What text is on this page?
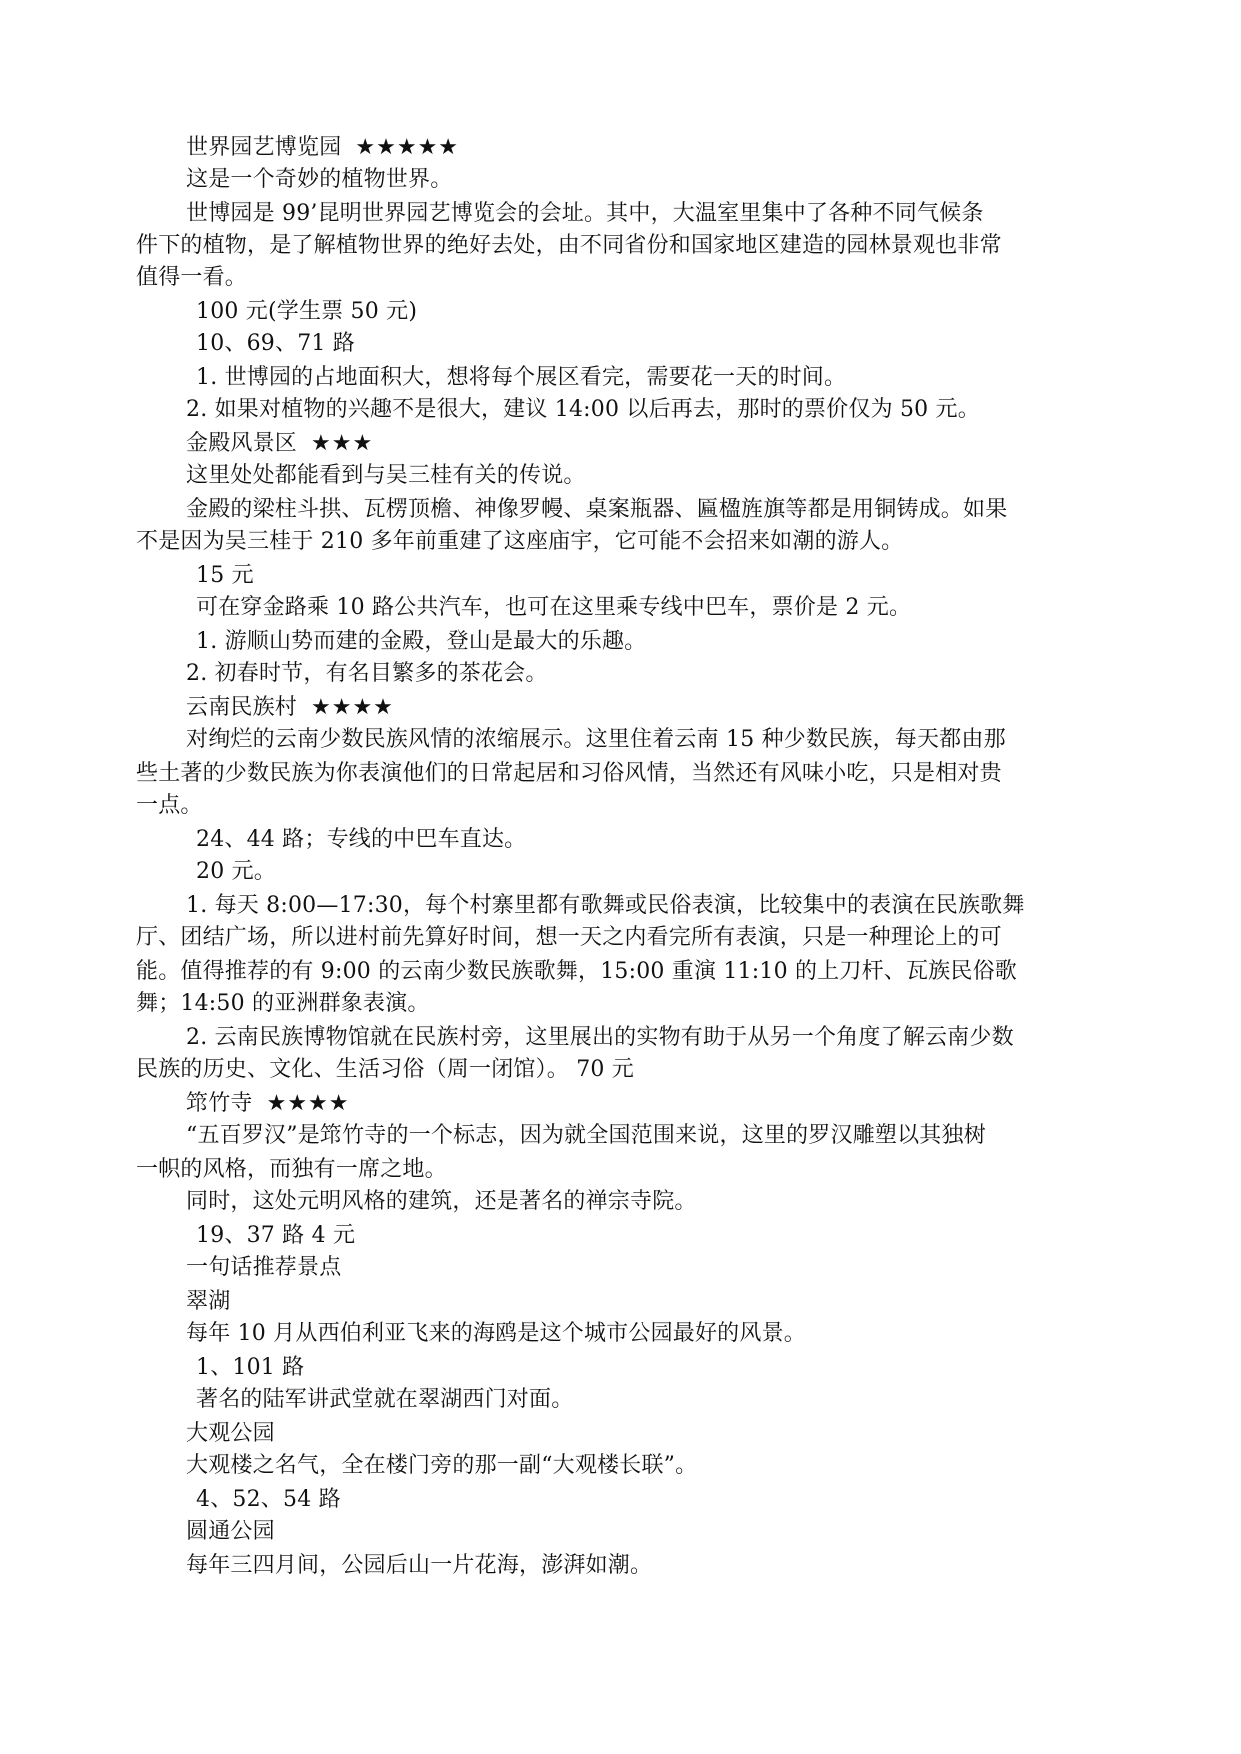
世界园艺博览园 ★★★★★
这是一个奇妙的植物世界。
世博园是 99’昆明世界园艺博览会的会址。其中，大温室里集中了各种不同气候条
件下的植物，是了解植物世界的绝好去处，由不同省份和国家地区建造的园林景观也非常
值得一看。
100 元(学生票 50 元)
10、69、71 路
1. 世博园的占地面积大，想将每个展区看完，需要花一天的时间。
2. 如果对植物的兴趣不是很大，建议 14:00 以后再去，那时的票价仅为 50 元。
金殿风景区 ★★★
这里处处都能看到与吴三桂有关的传说。
金殿的梁柱斗拱、瓦楞顶檐、神像罗幔、桌案瓶器、匾楹旌旗等都是用铜铸成。如果
不是因为吴三桂于 210 多年前重建了这座庙宇，它可能不会招来如潮的游人。
15 元
可在穿金路乘 10 路公共汽车，也可在这里乘专线中巴车，票价是 2 元。
1. 游顺山势而建的金殿，登山是最大的乐趣。
2. 初春时节，有名目繁多的茶花会。
云南民族村 ★★★★
对绚烂的云南少数民族风情的浓缩展示。这里住着云南 15 种少数民族，每天都由那
些土著的少数民族为你表演他们的日常起居和习俗风情，当然还有风味小吃，只是相对贵
一点。
24、44 路；专线的中巴车直达。
20 元。
1. 每天 8:00—17:30，每个村寨里都有歌舞或民俗表演，比较集中的表演在民族歌舞
厅、团结广场，所以进村前先算好时间，想一天之内看完所有表演，只是一种理论上的可
能。值得推荐的有 9:00 的云南少数民族歌舞，15:00 重演 11:10 的上刀杆、瓦族民俗歌
舞；14:50 的亚洲群象表演。
2. 云南民族博物馆就在民族村旁，这里展出的实物有助于从另一个角度了解云南少数
民族的历史、文化、生活习俗（周一闭馆）。 70 元
筇竹寺 ★★★★
“五百罗汉”是筇竹寺的一个标志，因为就全国范围来说，这里的罗汉雕塑以其独树
一帜的风格，而独有一席之地。
同时，这处元明风格的建筑，还是著名的禅宗寺院。
19、37 路 4 元
一句话推荐景点
翠湖
每年 10 月从西伯利亚飞来的海鸥是这个城市公园最好的风景。
1、101 路
著名的陆军讲武堂就在翠湖西门对面。
大观公园
大观楼之名气，全在楼门旁的那一副“大观楼长联”。
4、52、54 路
圆通公园
每年三四月间，公园后山一片花海，澎湃如潮。
